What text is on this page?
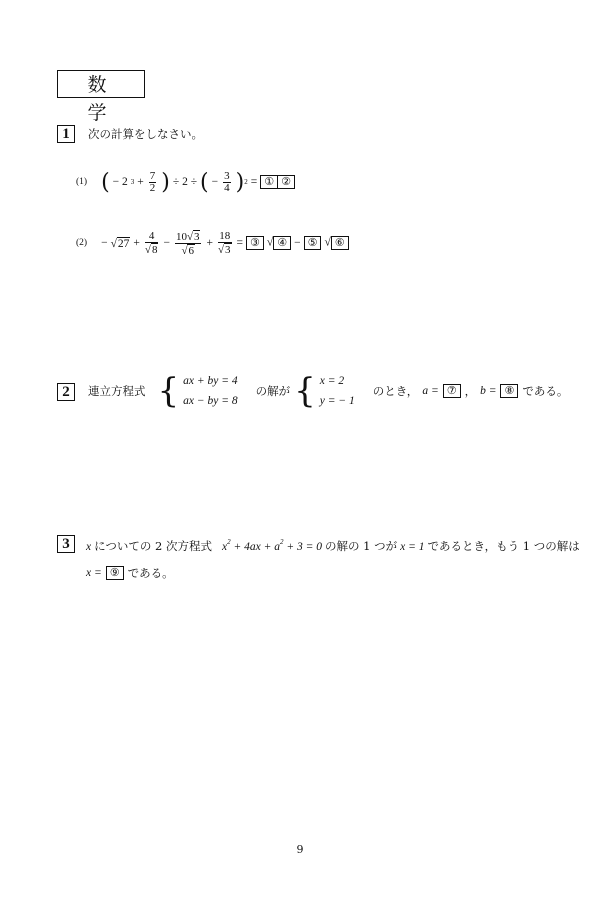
数 学
1	次の計算をしなさい。
(1) ( − 2 $3 + \frac{7}{2}$ ) ÷ 2 ÷ ( − $\frac{3}{4}$ ) 2 = ① ②
$(2) - √27 + \frac{4}{√8} - \frac{10√3}{√6} + \frac{18}{√3}$ = ③ √ ④ − ⑤ √ ⑥
2	連立方程式 { ax + by = 4
ax − by = 8
の解が { x = 2
y = − 1
のとき， a = ⑦ ， b = ⑧ である。
3	x についての 2 次方程式 $x^2 + 4ax + a^2 + 3 = 0$ の解の 1 つが x = 1 であるとき，もう 1 つの解は
x = ⑨ である。
9
